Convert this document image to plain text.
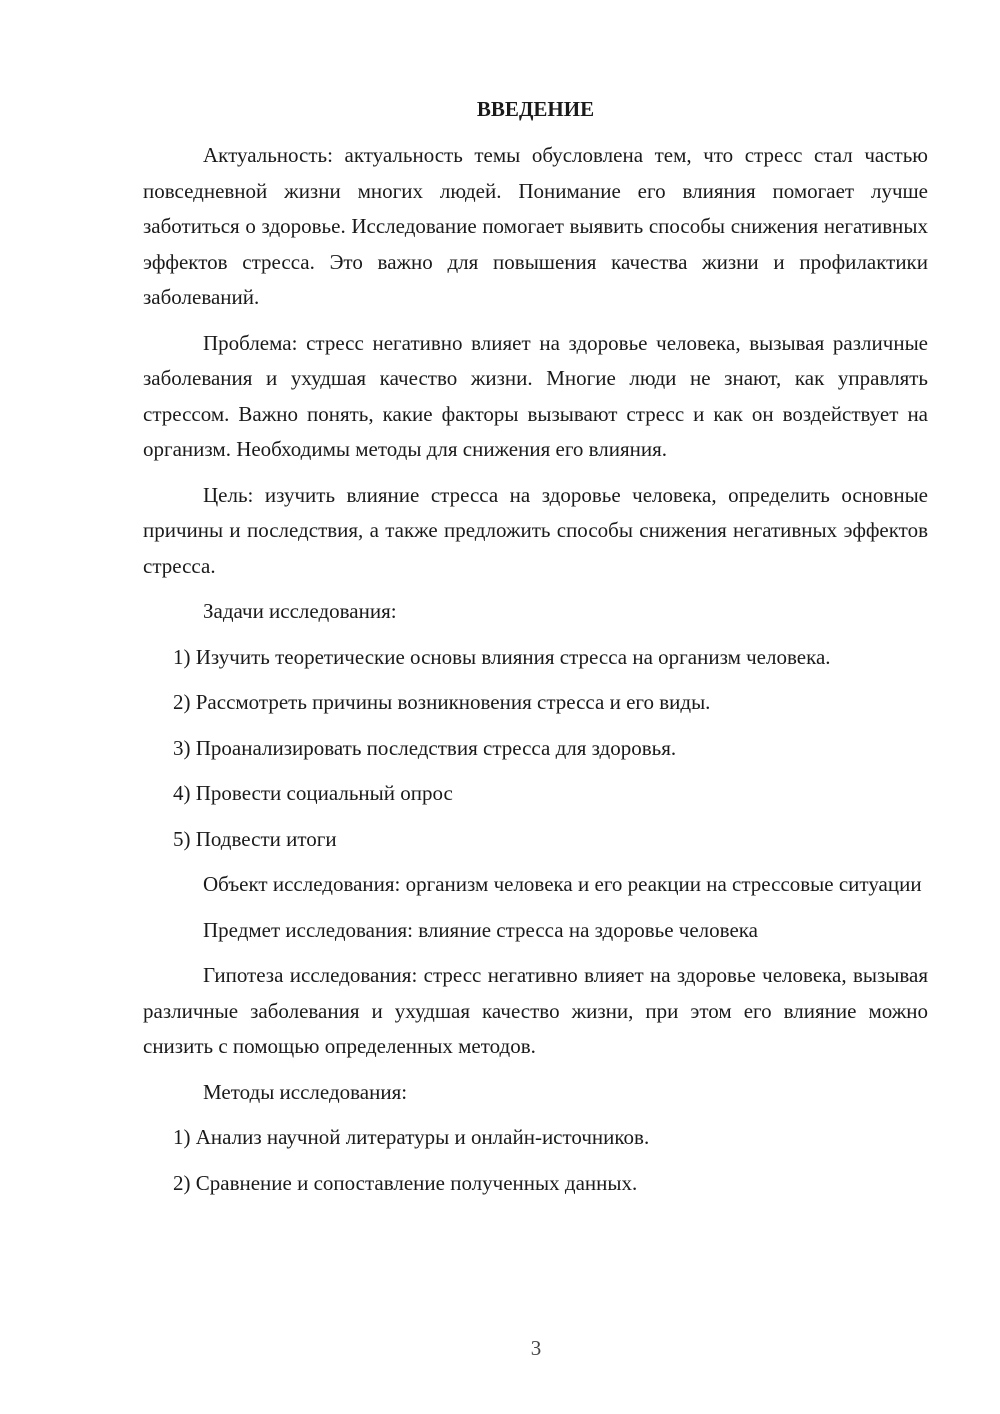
ВВЕДЕНИЕ

Актуальность: актуальность темы обусловлена тем, что стресс стал частью повседневной жизни многих людей. Понимание его влияния помогает лучше заботиться о здоровье. Исследование помогает выявить способы снижения негативных эффектов стресса. Это важно для повышения качества жизни и профилактики заболеваний.

Проблема: стресс негативно влияет на здоровье человека, вызывая различные заболевания и ухудшая качество жизни. Многие люди не знают, как управлять стрессом. Важно понять, какие факторы вызывают стресс и как он воздействует на организм. Необходимы методы для снижения его влияния.

Цель: изучить влияние стресса на здоровье человека, определить основные причины и последствия, а также предложить способы снижения негативных эффектов стресса.

Задачи исследования:

1) Изучить теоретические основы влияния стресса на организм человека.

2) Рассмотреть причины возникновения стресса и его виды.

3) Проанализировать последствия стресса для здоровья.

4) Провести социальный опрос

5) Подвести итоги

Объект исследования: организм человека и его реакции на стрессовые ситуации

Предмет исследования: влияние стресса на здоровье человека

Гипотеза исследования: стресс негативно влияет на здоровье человека, вызывая различные заболевания и ухудшая качество жизни, при этом его влияние можно снизить с помощью определенных методов.

Методы исследования:

1) Анализ научной литературы и онлайн-источников.

2) Сравнение и сопоставление полученных данных.

3
